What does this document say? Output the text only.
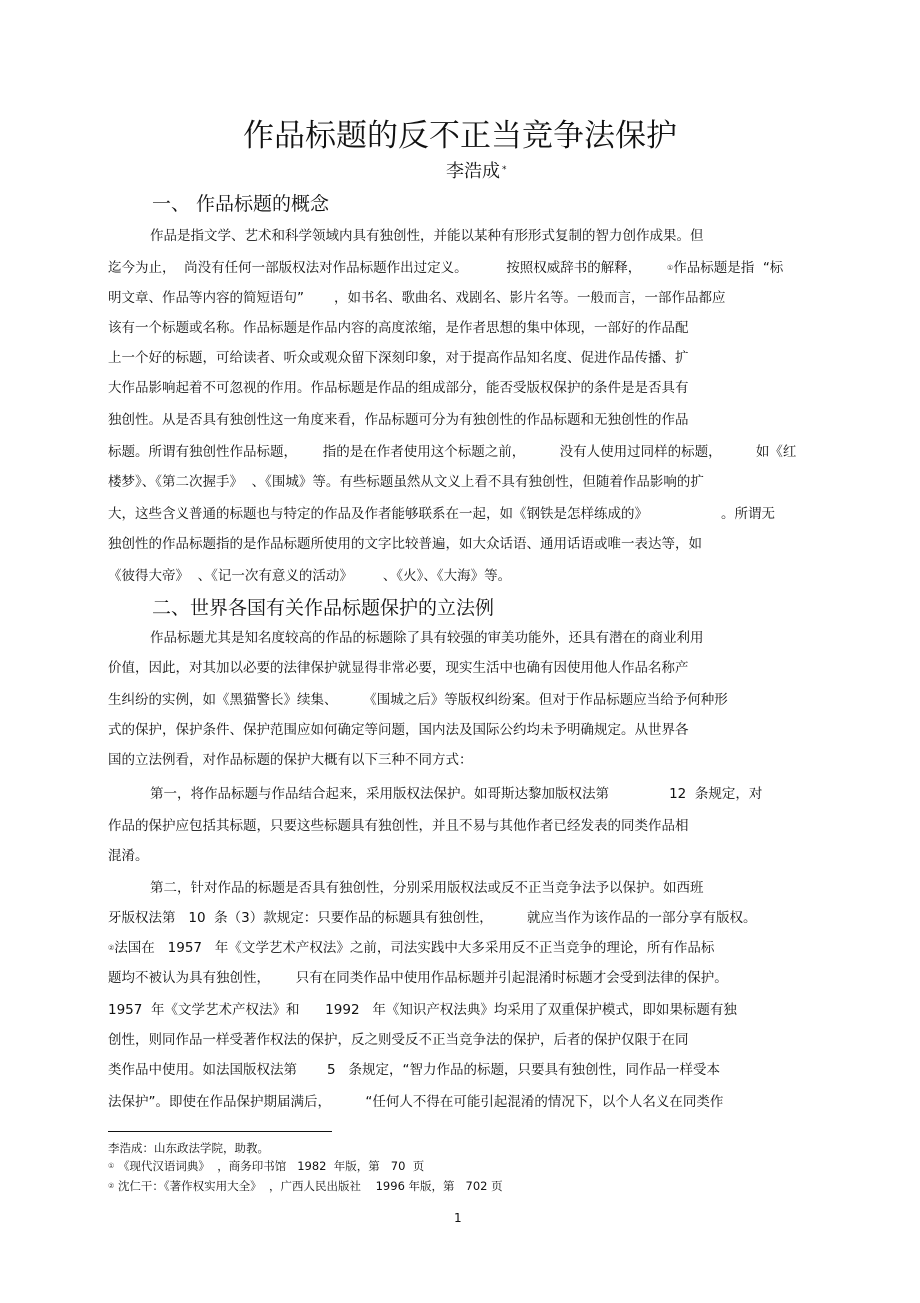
作品标题的反不正当竞争法保护
李浩成 *
一、 作品标题的概念
作品是指文学、艺术和科学领域内具有独创性，并能以某种有形形式复制的智力创作成果。但
迄今为止，  尚没有任何一部版权法对作品标题作出过定义。         按照权威辞书的解释，      ①作品标题是指  “标
明文章、作品等内容的简短语句”       ，如书名、歌曲名、戏剧名、影片名等。一般而言，一部作品都应
该有一个标题或名称。作品标题是作品内容的高度浓缩，是作者思想的集中体现，一部好的作品配
上一个好的标题，可给读者、听众或观众留下深刻印象，对于提高作品知名度、促进作品传播、扩
大作品影响起着不可忽视的作用。作品标题是作品的组成部分，能否受版权保护的条件是是否具有
独创性。从是否具有独创性这一角度来看，作品标题可分为有独创性的作品标题和无独创性的作品
标题。所谓有独创性作品标题，      指的是在作者使用这个标题之前，        没有人使用过同样的标题，        如《红
楼梦》、《第二次握手》  、《围城》等。有些标题虽然从文义上看不具有独创性，但随着作品影响的扩
大，这些含义普通的标题也与特定的作品及作者能够联系在一起，如《钢铁是怎样练成的》                 。所谓无
独创性的作品标题指的是作品标题所使用的文字比较普遍，如大众话语、通用话语或唯一表达等，如
《彼得大帝》  、《记一次有意义的活动》       、《火》、《大海》等。
二、世界各国有关作品标题保护的立法例
作品标题尤其是知名度较高的作品的标题除了具有较强的审美功能外，还具有潜在的商业利用
价值，因此，对其加以必要的法律保护就显得非常必要，现实生活中也确有因使用他人作品名称产
生纠纷的实例，如《黑猫警长》续集、      《围城之后》等版权纠纷案。但对于作品标题应当给予何种形
式的保护，保护条件、保护范围应如何确定等问题，国内法及国际公约均未予明确规定。从世界各
国的立法例看，对作品标题的保护大概有以下三种不同方式：
第一，将作品标题与作品结合起来，采用版权法保护。如哥斯达黎加版权法第              12  条规定，对
作品的保护应包括其标题，只要这些标题具有独创性，并且不易与其他作者已经发表的同类作品相
混淆。
第二，针对作品的标题是否具有独创性，分别采用版权法或反不正当竞争法予以保护。如西班
牙版权法第   10  条（3）款规定：只要作品的标题具有独创性，        就应当作为该作品的一部分享有版权。
②法国在   1957   年《文学艺术产权法》之前，司法实践中大多采用反不正当竞争的理论，所有作品标
题均不被认为具有独创性，      只有在同类作品中使用作品标题并引起混淆时标题才会受到法律的保护。
1957  年《文学艺术产权法》和      1992   年《知识产权法典》均采用了双重保护模式，即如果标题有独
创性，则同作品一样受著作权法的保护，反之则受反不正当竞争法的保护，后者的保护仅限于在同
类作品中使用。如法国版权法第       5   条规定，“智力作品的标题，只要具有独创性，同作品一样受本
法保护”。即使在作品保护期届满后，        “任何人不得在可能引起混淆的情况下，以个人名义在同类作
李浩成：山东政法学院，助教。
① 《现代汉语词典》  ，商务印书馆   1982  年版，第   70  页
② 沈仁干：《著作权实用大全》  ，广西人民出版社    1996 年版，第   702 页
1
